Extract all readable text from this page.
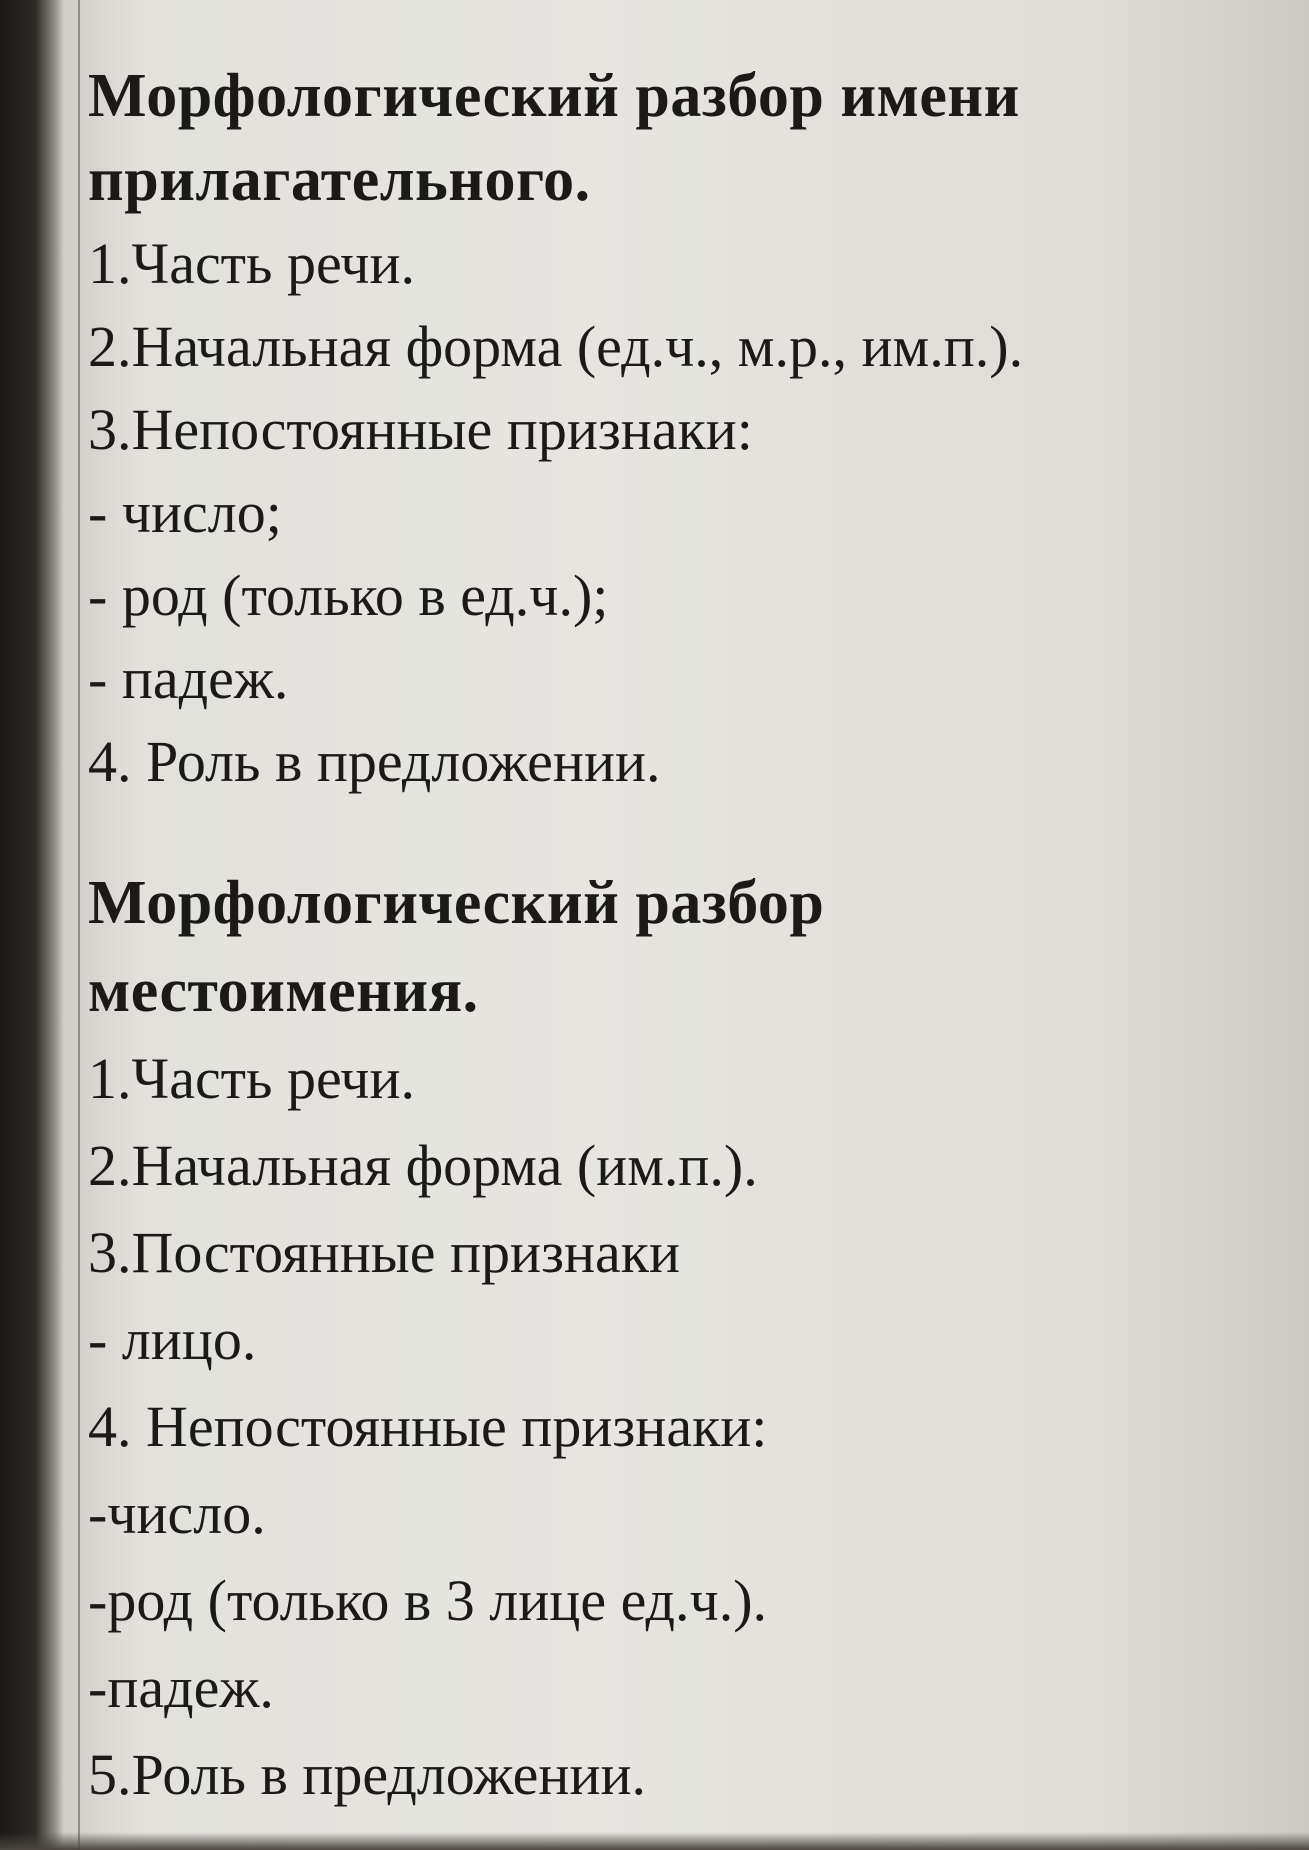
Морфологический разбор имени

прилагательного.

1.Часть речи.

2.Начальная форма (ед.ч., м.р., им.п.).

3.Непостоянные признаки:

- число;

- род (только в ед.ч.);

- падеж.

4. Роль в предложении.

Морфологический разбор

местоимения.

1.Часть речи.

2.Начальная форма (им.п.).

3.Постоянные признаки

- лицо.

4. Непостоянные признаки:

-число.

-род (только в 3 лице ед.ч.).

-падеж.

5.Роль в предложении.
